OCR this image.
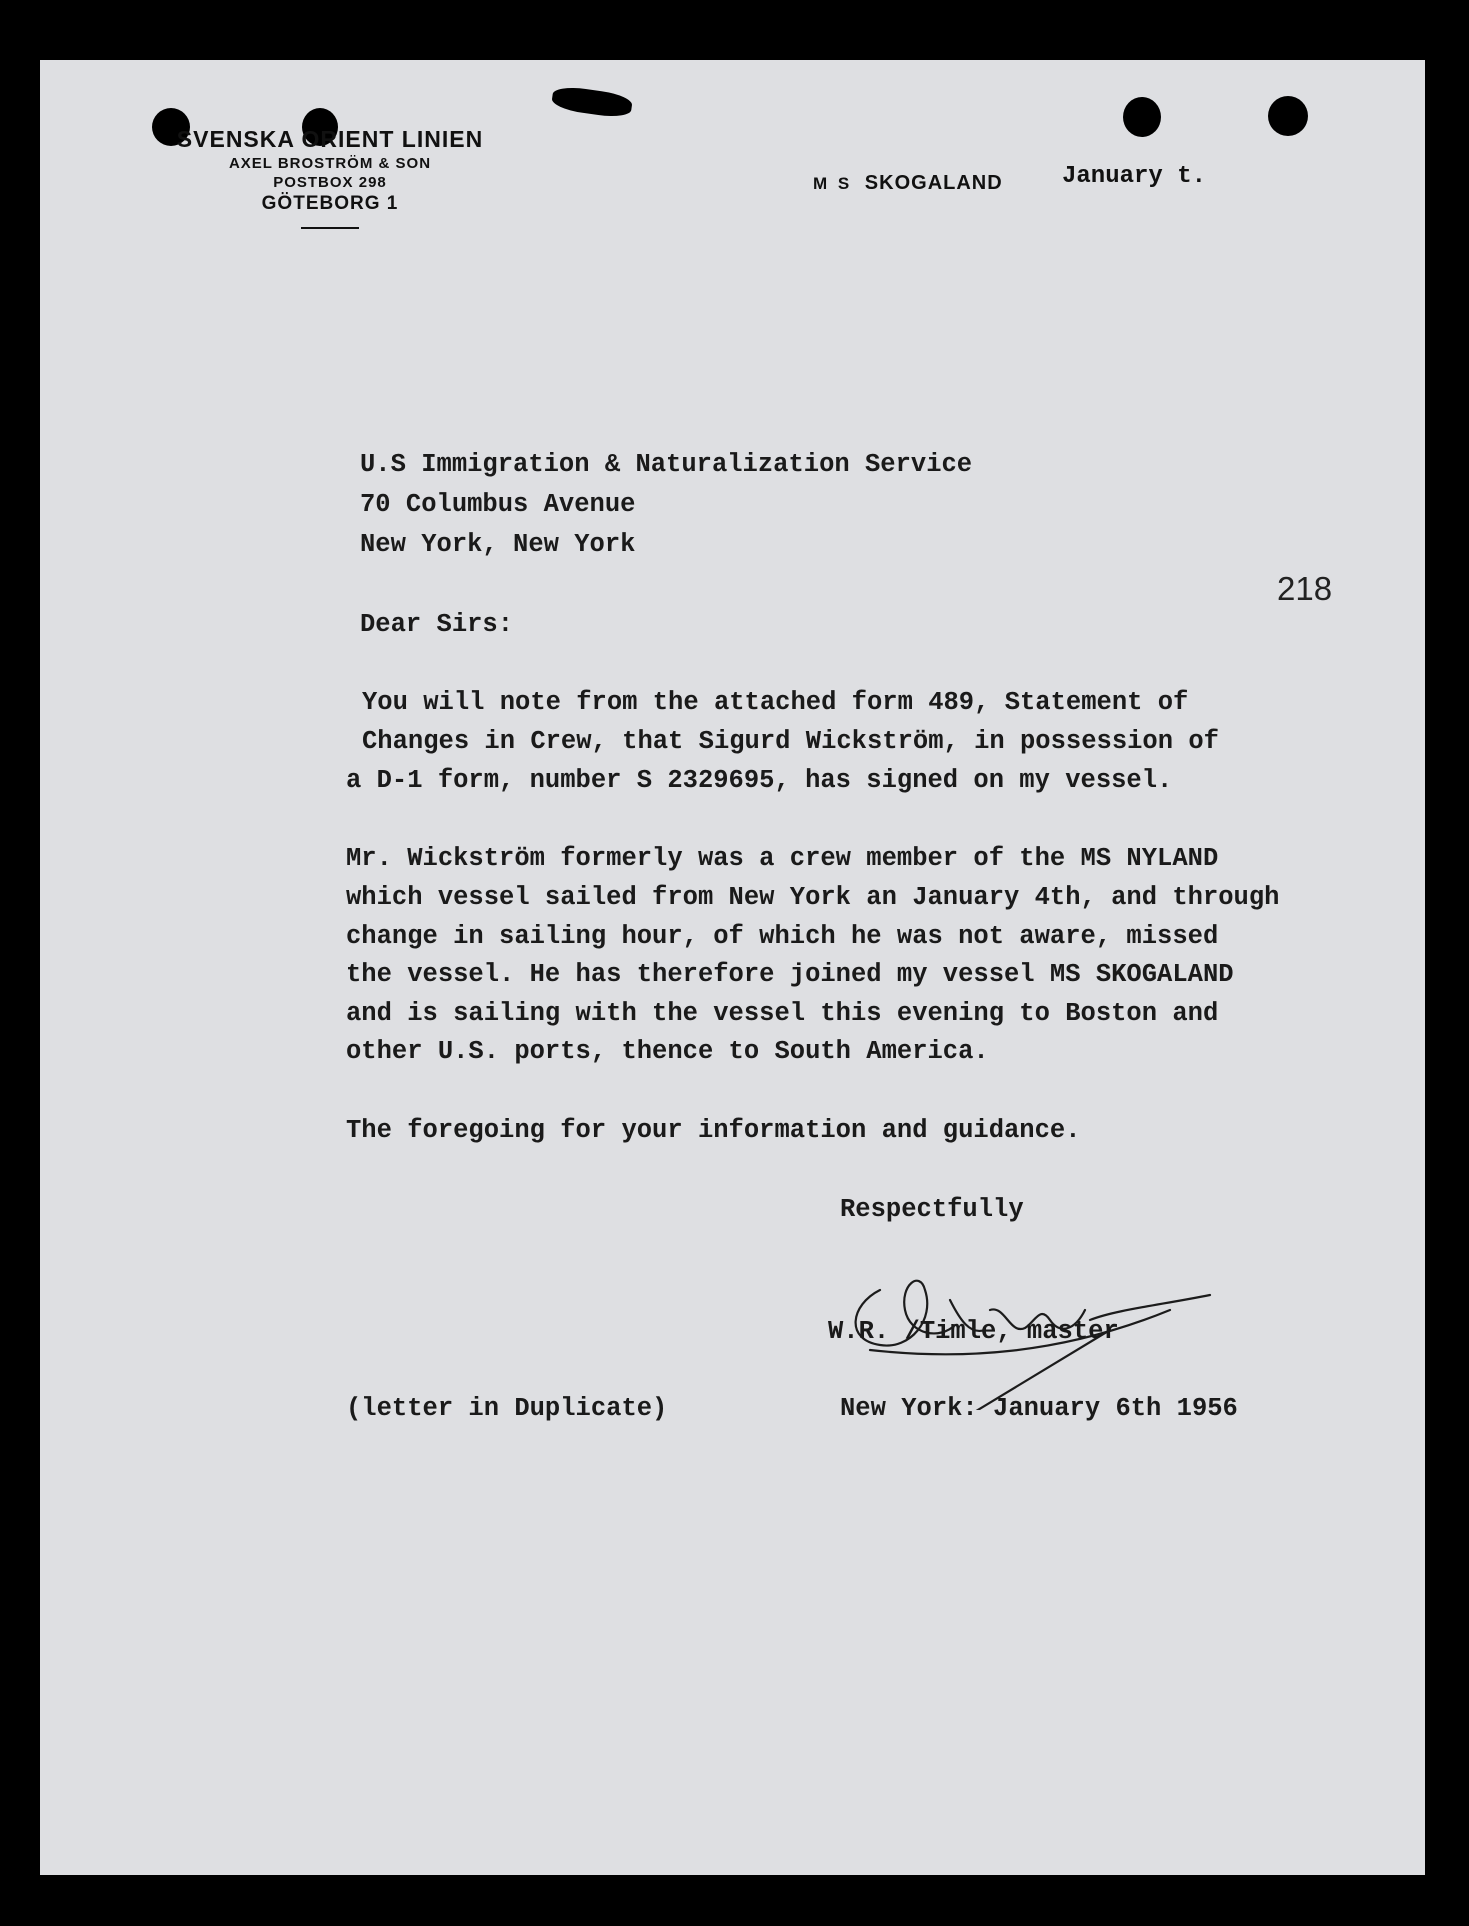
SVENSKA ORIENT LINIEN
AXEL BROSTRÖM & SON
POSTBOX 298
GÖTEBORG 1
M S SKOGALAND January t.
U.S Immigration & Naturalization Service
70 Columbus Avenue
New York, New York
218
Dear Sirs:
You will note from the attached form 489, Statement of
Changes in Crew, that Sigurd Wickström, in possession of
a D-1 form, number S 2329695, has signed on my vessel.
Mr. Wickström formerly was a crew member of the MS NYLAND
which vessel sailed from New York an January 4th, and through
change in sailing hour, of which he was not aware, missed
the vessel. He has therefore joined my vessel MS SKOGALAND
and is sailing with the vessel this evening to Boston and
other U.S. ports, thence to South America.
The foregoing for your information and guidance.
Respectfully
W.R. /Timle, master
(letter in Duplicate)	New York: January 6th 1956
